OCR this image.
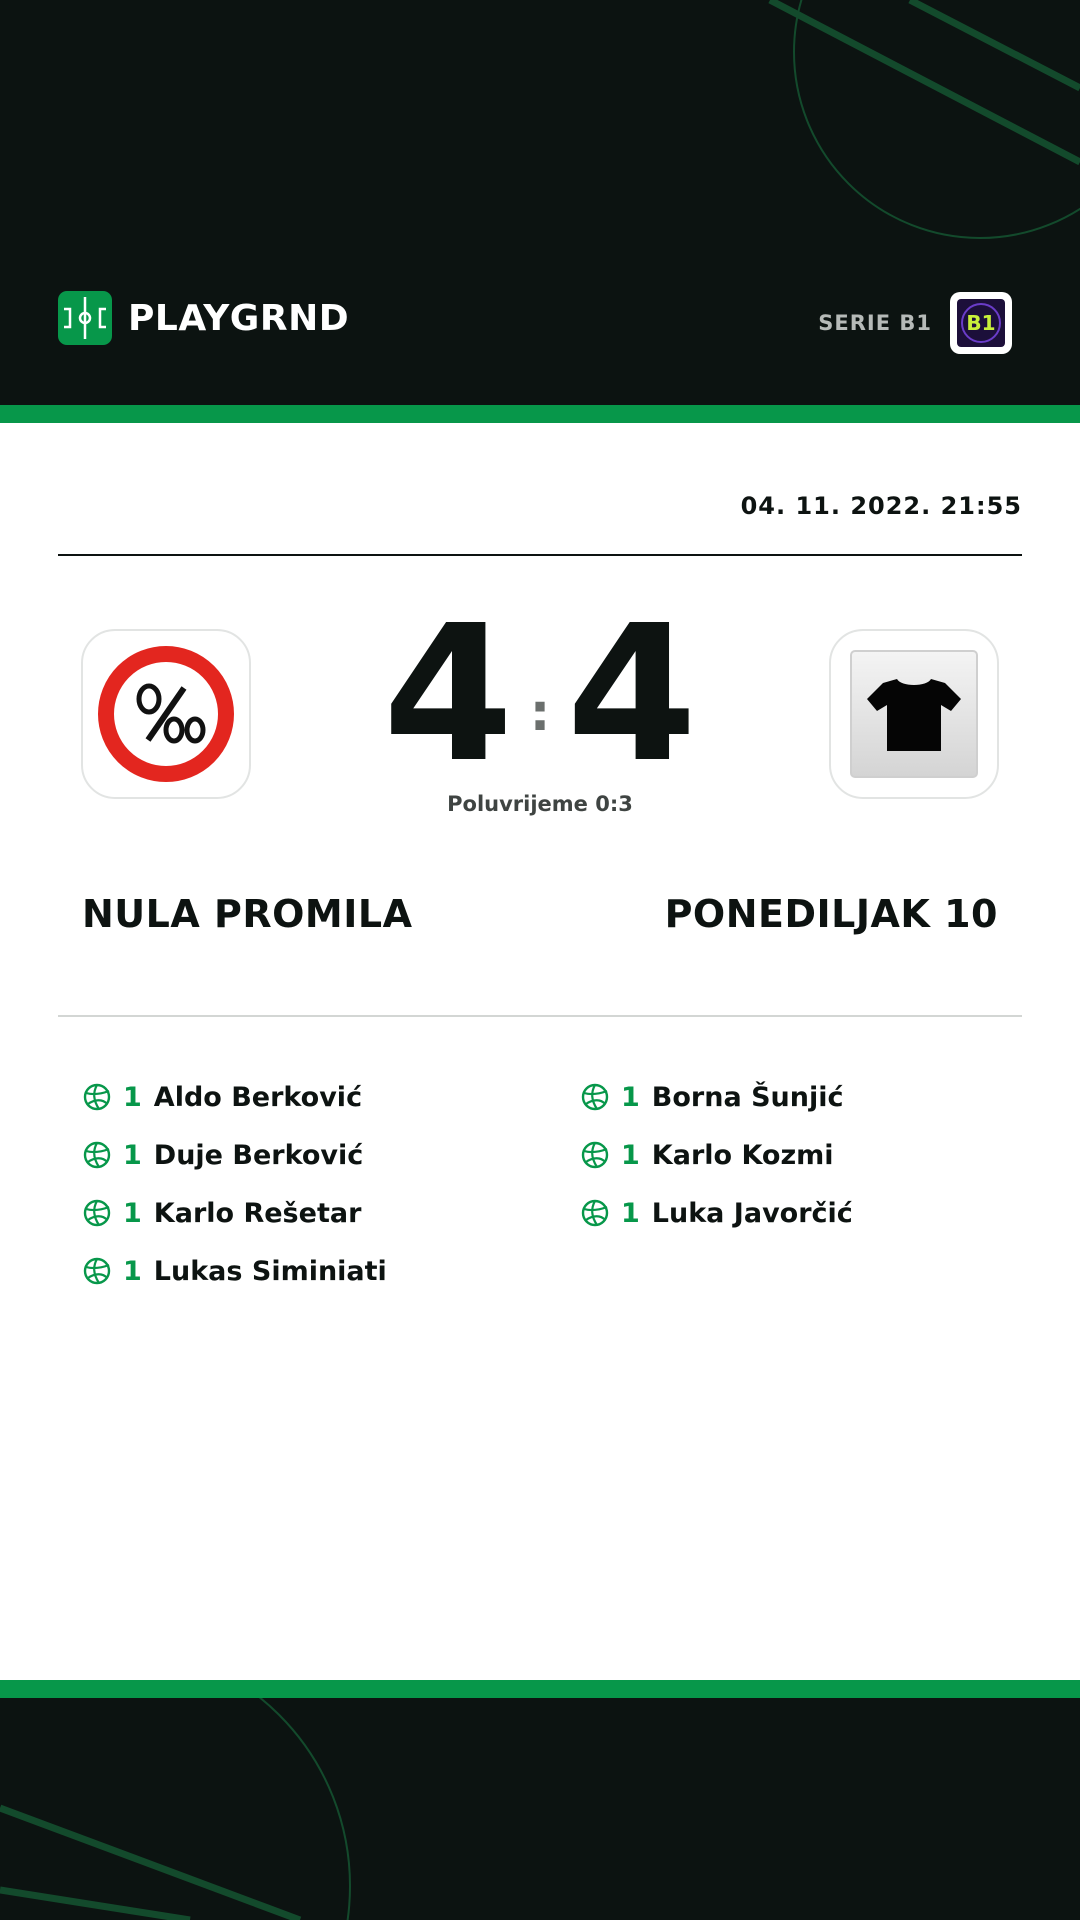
PLAYGRND	SERIE B1 B1
04. 11. 2022. 21:55
4 : 4
Poluvrijeme 0:3
NULA PROMILA	PONEDILJAK 10
1 Aldo Berković
1 Duje Berković
1 Karlo Rešetar
1 Lukas Siminiati
1 Borna Šunjić
1 Karlo Kozmi
1 Luka Javorčić
